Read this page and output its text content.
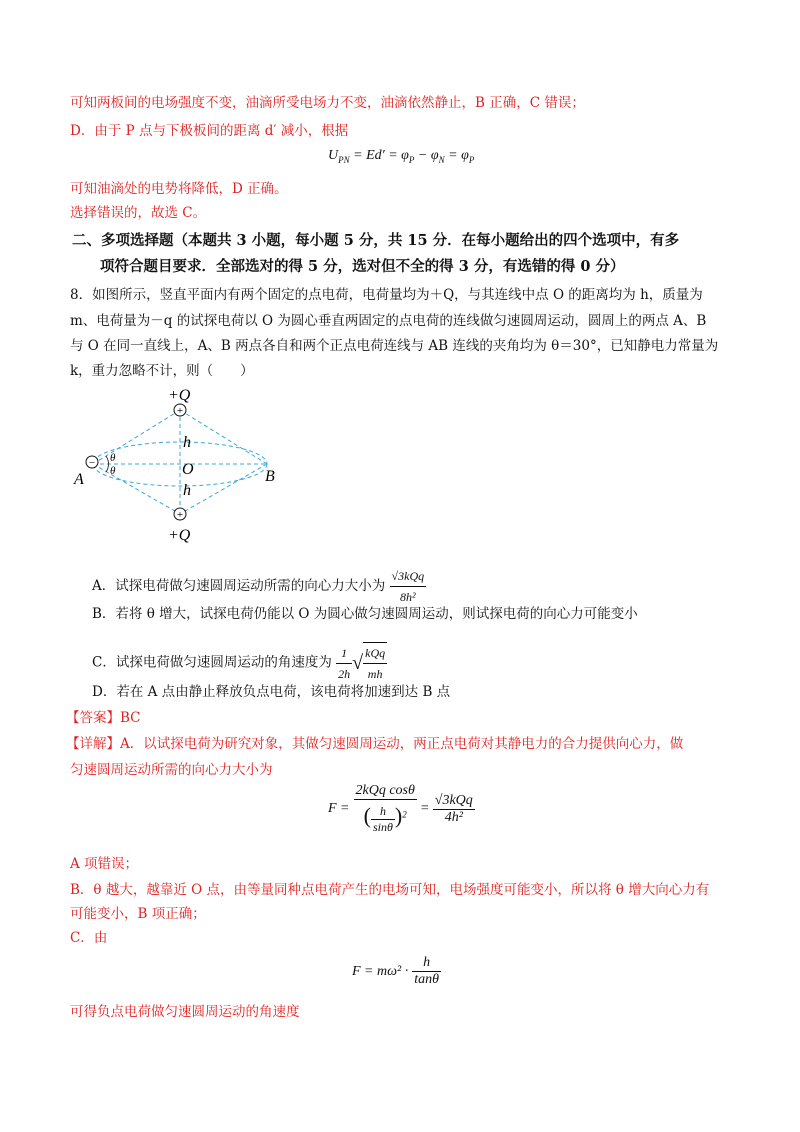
可知两板间的电场强度不变，油滴所受电场力不变，油滴依然静止，B 正确，C 错误；
D．由于 P 点与下极板间的距离 d′ 减小，根据
$U_{PN} = Ed' = \varphi_P - \varphi_N = \varphi_P$
可知油滴处的电势将降低，D 正确。
选择错误的，故选 C。
二、多项选择题（本题共 3 小题，每小题 5 分，共 15 分．在每小题给出的四个选项中，有多
项符合题目要求．全部选对的得 5 分，选对但不全的得 3 分，有选错的得 0 分）
8．如图所示，竖直平面内有两个固定的点电荷，电荷量均为＋Q，与其连线中点 O 的距离均为 h，质量为
m、电荷量为－q 的试探电荷以 O 为圆心垂直两固定的点电荷的连线做匀速圆周运动，圆周上的两点 A、B
与 O 在同一直线上，A、B 两点各自和两个正点电荷连线与 AB 连线的夹角均为 θ＝30°，已知静电力常量为
k，重力忽略不计，则（　　）
+
+
−
+Q
+Q
h
h
O
A	B
θ
θ
A．试探电荷做匀速圆周运动所需的向心力大小为 $\frac{\text{√3kQq}}{\text{8h²}}$
B．若将 θ 增大，试探电荷仍能以 O 为圆心做匀速圆周运动，则试探电荷的向心力可能变小
C．试探电荷做匀速圆周运动的角速度为 $\frac{1}{2h}$ √ $\frac{\text{kQq}}{mh}$
D．若在 A 点由静止释放负点电荷，该电荷将加速到达 B 点
【答案】BC
【详解】A．以试探电荷为研究对象，其做匀速圆周运动，两正点电荷对其静电力的合力提供向心力，做
匀速圆周运动所需的向心力大小为
$F = \frac{\text{2kQq cosθ}}{( \frac{h}{\sin\theta} )^2} = \frac{\text{√3kQq}}{\text{4h²}}$
A 项错误；
B．θ 越大，越靠近 O 点，由等量同种点电荷产生的电场可知，电场强度可能变小，所以将 θ 增大向心力有
可能变小，B 项正确；
C．由
$F = m\omega^2 \cdot \frac{h}{\tan\theta}$
可得负点电荷做匀速圆周运动的角速度
